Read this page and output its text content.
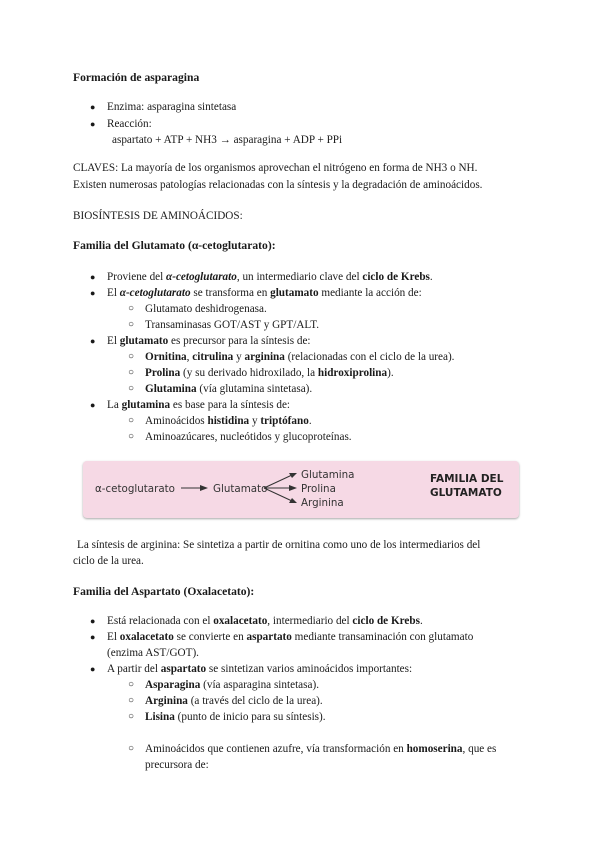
Formación de asparagina
● Enzima: asparagina sintetasa
● Reacción:
aspartato + ATP + NH3 → asparagina + ADP + PPi
CLAVES: La mayoría de los organismos aprovechan el nitrógeno en forma de NH3 o NH.
Existen numerosas patologías relacionadas con la síntesis y la degradación de aminoácidos.
BIOSÍNTESIS DE AMINOÁCIDOS:
Familia del Glutamato (α-cetoglutarato):
● Proviene del α-cetoglutarato, un intermediario clave del ciclo de Krebs.
● El α-cetoglutarato se transforma en glutamato mediante la acción de:
○ Glutamato deshidrogenasa.
○ Transaminasas GOT/AST y GPT/ALT.
● El glutamato es precursor para la síntesis de:
○ Ornitina, citrulina y arginina (relacionadas con el ciclo de la urea).
○ Prolina (y su derivado hidroxilado, la hidroxiprolina).
○ Glutamina (vía glutamina sintetasa).
● La glutamina es base para la síntesis de:
○ Aminoácidos histidina y triptófano.
○ Aminoazúcares, nucleótidos y glucoproteínas.
α-cetoglutarato	Glutamato
Glutamina
Prolina
Arginina
FAMILIA DEL
GLUTAMATO
La síntesis de arginina: Se sintetiza a partir de ornitina como uno de los intermediarios del
ciclo de la urea.
Familia del Aspartato (Oxalacetato):
● Está relacionada con el oxalacetato, intermediario del ciclo de Krebs.
● El oxalacetato se convierte en aspartato mediante transaminación con glutamato
(enzima AST/GOT).
● A partir del aspartato se sintetizan varios aminoácidos importantes:
○ Asparagina (vía asparagina sintetasa).
○ Arginina (a través del ciclo de la urea).
○ Lisina (punto de inicio para su síntesis).
○ Aminoácidos que contienen azufre, vía transformación en homoserina, que es
precursora de:
